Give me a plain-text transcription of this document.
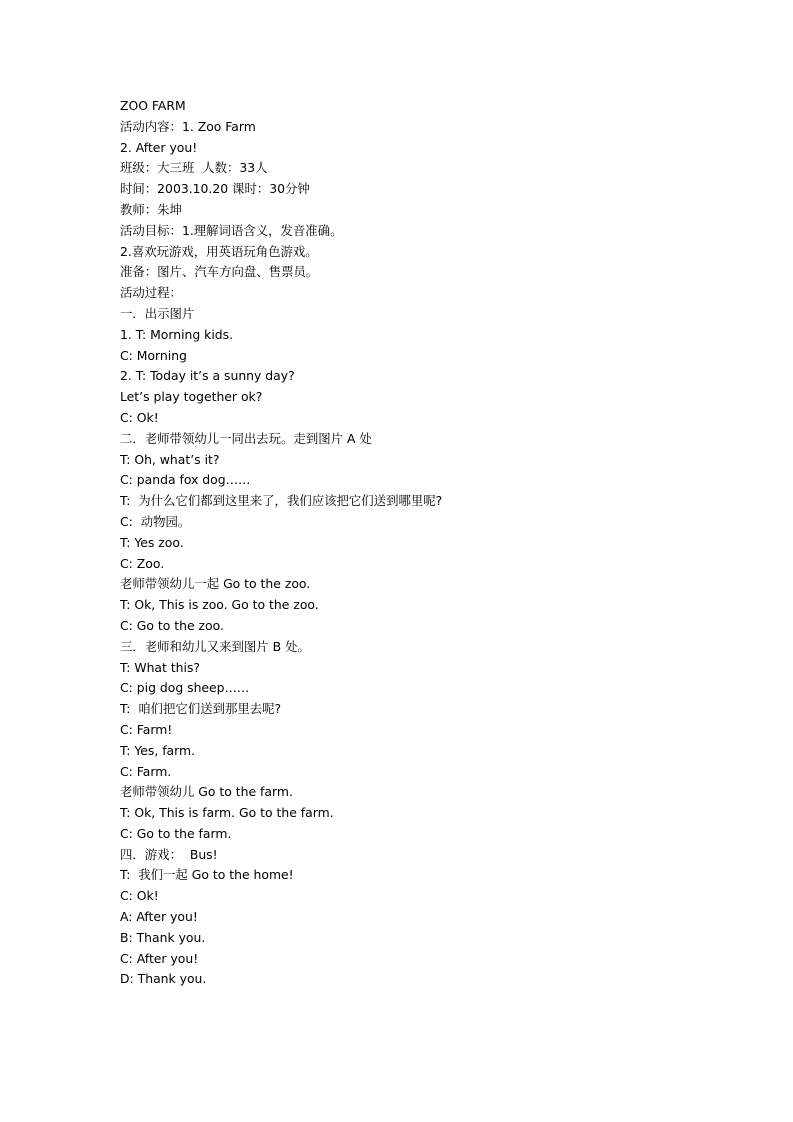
ZOO FARM
活动内容：1. Zoo Farm
2. After you!
班级：大三班  人数：33人
时间：2003.10.20 课时：30分钟
教师：朱坤
活动目标：1.理解词语含义，发音准确。
2.喜欢玩游戏，用英语玩角色游戏。
准备：图片、汽车方向盘、售票员。
活动过程：
一．出示图片
1. T: Morning kids.
C: Morning
2. T: Today it’s a sunny day?
Let’s play together ok?
C: Ok!
二．老师带领幼儿一同出去玩。走到图片 A 处
T: Oh, what’s it?
C: panda fox dog……
T:  为什么它们都到这里来了，我们应该把它们送到哪里呢?
C:  动物园。
T: Yes zoo.
C: Zoo.
老师带领幼儿一起 Go to the zoo.
T: Ok, This is zoo. Go to the zoo.
C: Go to the zoo.
三．老师和幼儿又来到图片 B 处。
T: What this?
C: pig dog sheep……
T:  咱们把它们送到那里去呢?
C: Farm!
T: Yes, farm.
C: Farm.
老师带领幼儿 Go to the farm.
T: Ok, This is farm. Go to the farm.
C: Go to the farm.
四．游戏：  Bus!
T:  我们一起 Go to the home!
C: Ok!
A: After you!
B: Thank you.
C: After you!
D: Thank you.
